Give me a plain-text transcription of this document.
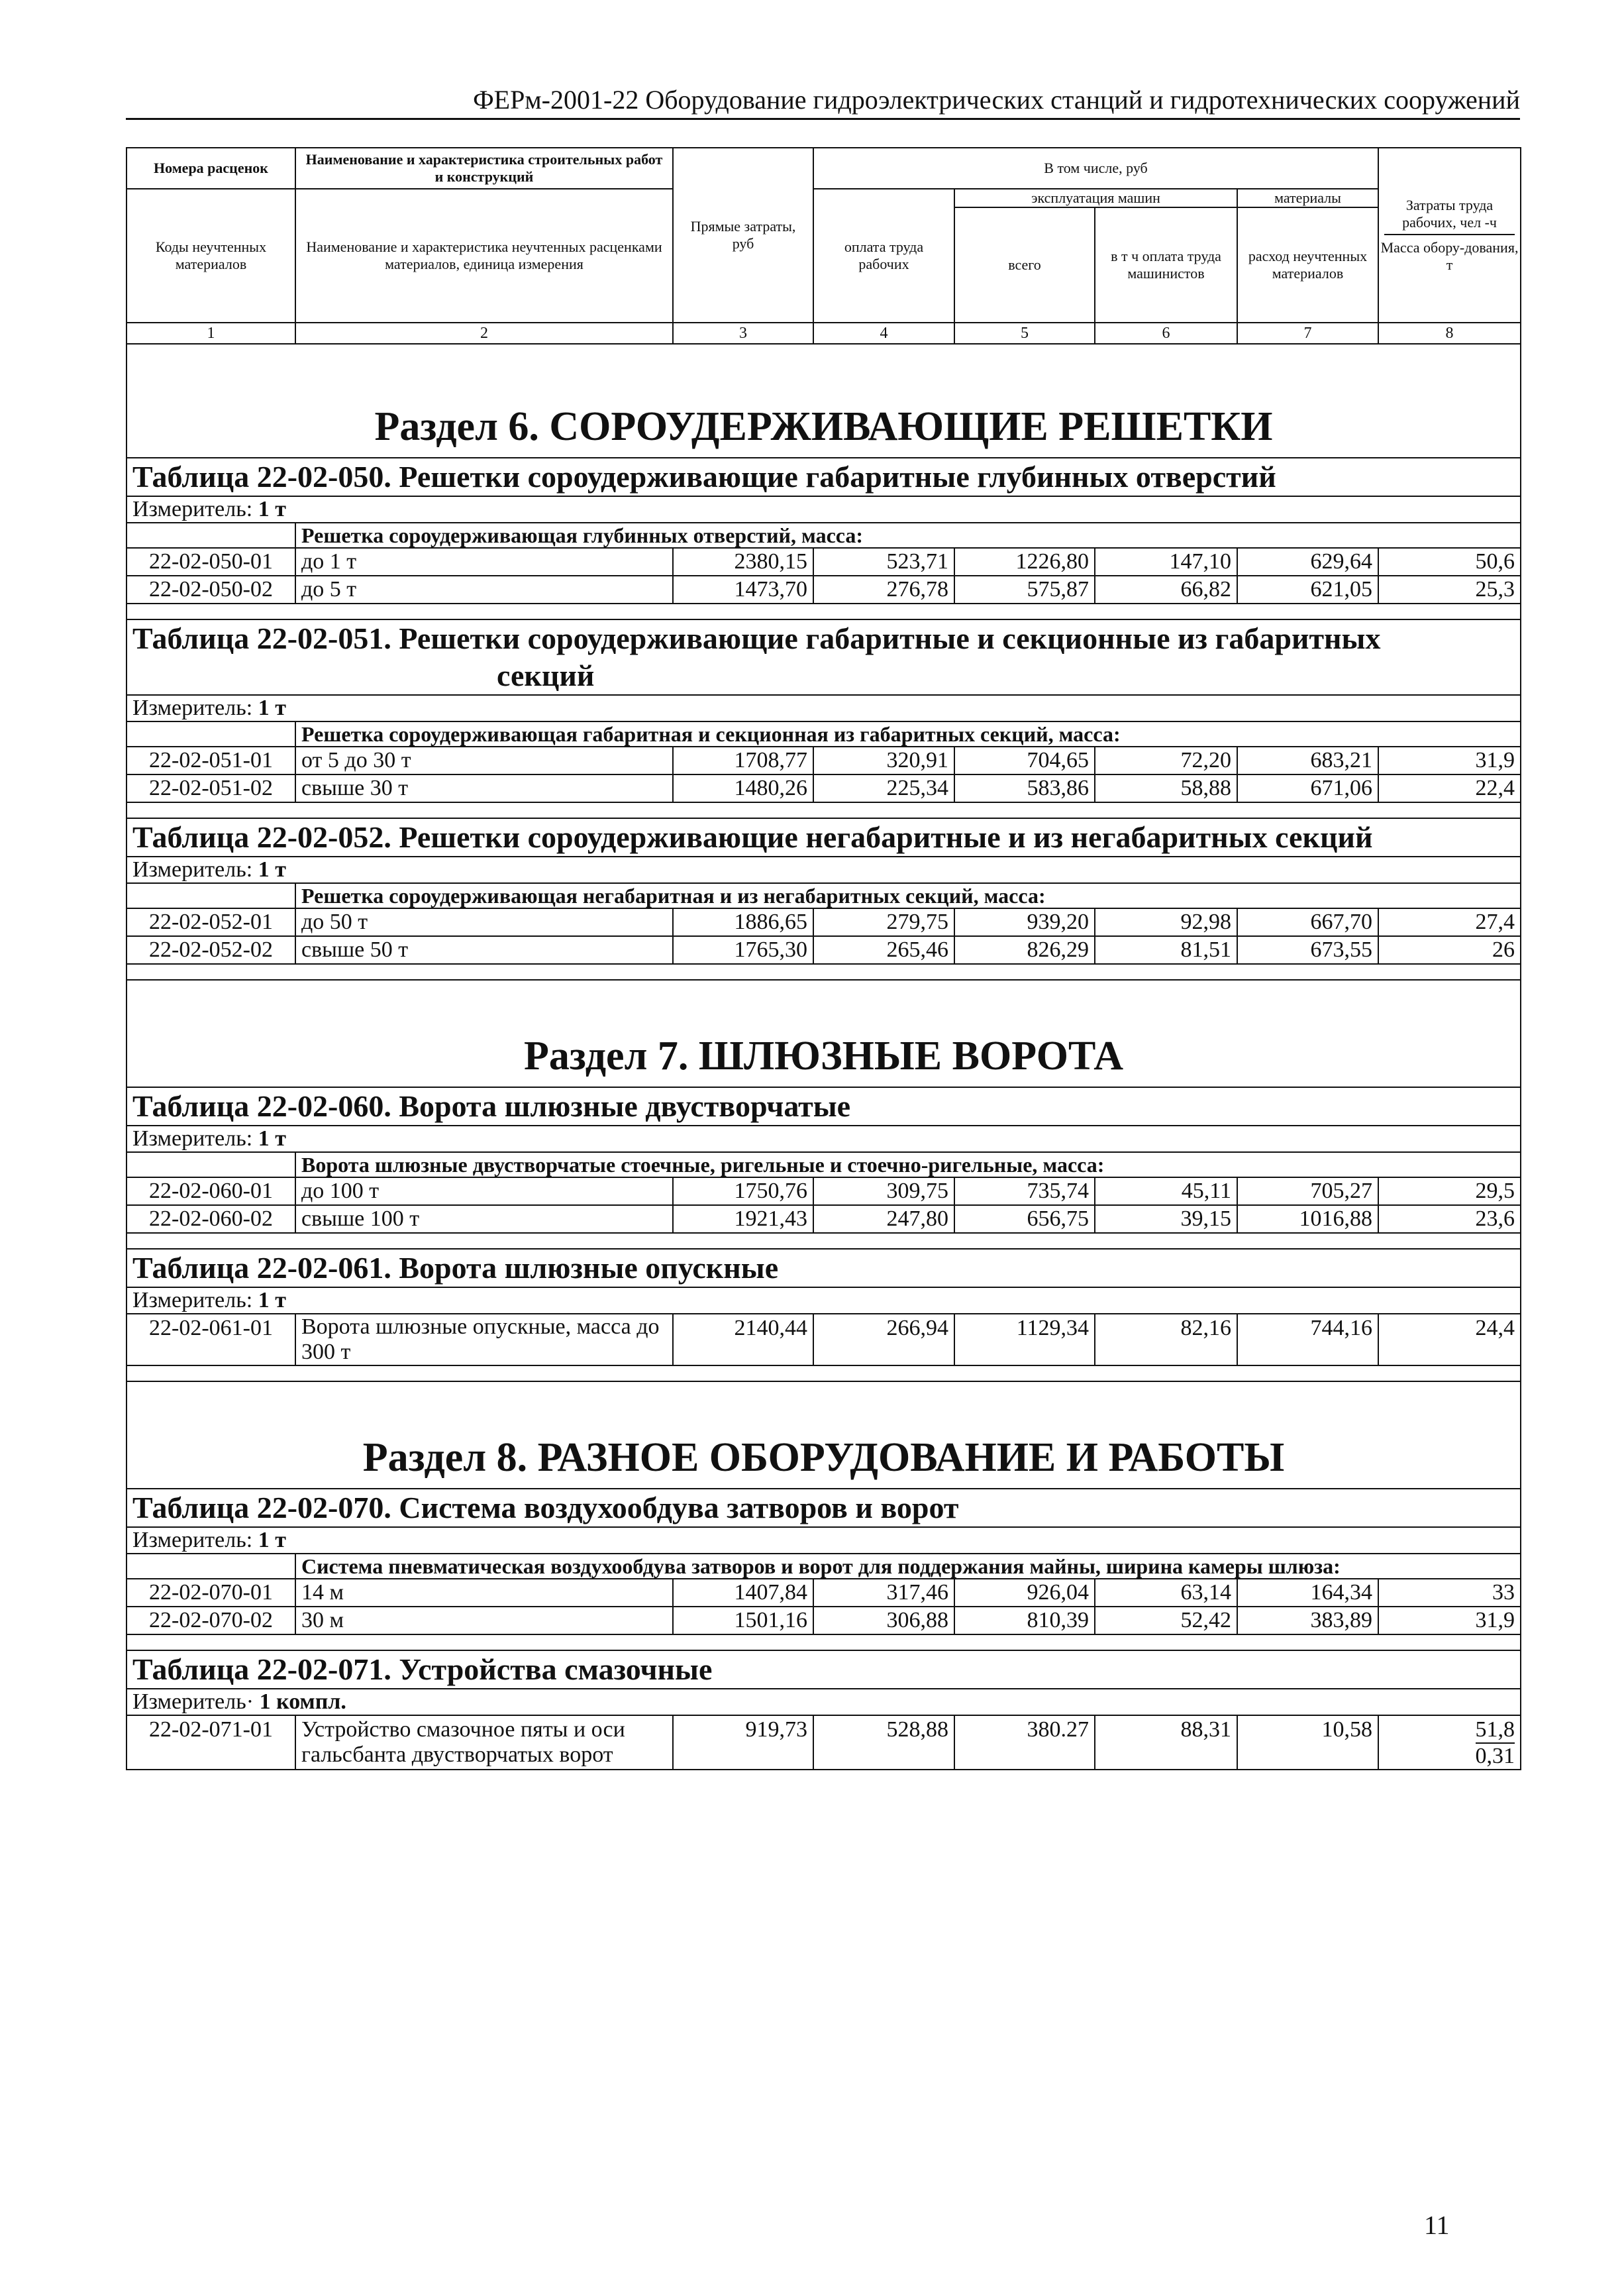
ФЕРм-2001-22 Оборудование гидроэлектрических станций и гидротехнических сооружений
Номера расценок	Наименование и характеристика строительных работ и конструкций	Прямые затраты, руб	В том числе, руб				Затраты труда рабочих, чел -ч
Масса обору-дования, т

Коды неучтенных материалов	Наименование и характеристика неучтенных расценками материалов, единица измерения		оплата труда рабочих	эксплуатация машин		материалы	
				всего	в т ч оплата труда машинистов	расход неучтенных материалов	
1	2	3	4	5	6	7	8
Раздел 6. СОРОУДЕРЖИВАЮЩИЕ РЕШЕТКИ							
Таблица 22-02-050. Решетки сороудерживающие габаритные глубинных отверстий							
Измеритель: 1 т							
	Решетка сороудерживающая глубинных отверстий, масса:						
22-02-050-01	до 1 т	2380,15	523,71	1226,80	147,10	629,64	50,6
22-02-050-02	до 5 т	1473,70	276,78	575,87	66,82	621,05	25,3

Таблица 22-02-051. Решетки сороудерживающие габаритные и секционные из габаритных
секций							

Измеритель: 1 т							
	Решетка сороудерживающая габаритная и секционная из габаритных секций, масса:						
22-02-051-01	от 5 до 30 т	1708,77	320,91	704,65	72,20	683,21	31,9
22-02-051-02	свыше 30 т	1480,26	225,34	583,86	58,88	671,06	22,4

Таблица 22-02-052. Решетки сороудерживающие негабаритные и из негабаритных секций							
Измеритель: 1 т							
	Решетка сороудерживающая негабаритная и из негабаритных секций, масса:						
22-02-052-01	до 50 т	1886,65	279,75	939,20	92,98	667,70	27,4
22-02-052-02	свыше 50 т	1765,30	265,46	826,29	81,51	673,55	26

Раздел 7. ШЛЮЗНЫЕ ВОРОТА							
Таблица 22-02-060. Ворота шлюзные двустворчатые							
Измеритель: 1 т							
	Ворота шлюзные двустворчатые стоечные, ригельные и стоечно-ригельные, масса:						
22-02-060-01	до 100 т	1750,76	309,75	735,74	45,11	705,27	29,5
22-02-060-02	свыше 100 т	1921,43	247,80	656,75	39,15	1016,88	23,6

Таблица 22-02-061. Ворота шлюзные опускные							
Измеритель: 1 т							
22-02-061-01	Ворота шлюзные опускные, масса до 300 т	2140,44	266,94	1129,34	82,16	744,16	24,4

Раздел 8. РАЗНОЕ ОБОРУДОВАНИЕ И РАБОТЫ							
Таблица 22-02-070. Система воздухообдува затворов и ворот							
Измеритель: 1 т							
	Система пневматическая воздухообдува затворов и ворот для поддержания майны, ширина камеры шлюза:						
22-02-070-01	14 м	1407,84	317,46	926,04	63,14	164,34	33
22-02-070-02	30 м	1501,16	306,88	810,39	52,42	383,89	31,9

Таблица 22-02-071. Устройства смазочные							
Измеритель· 1 компл.							
22-02-071-01	Устройство смазочное пяты и оси гальсбанта двустворчатых ворот	919,73	528,88	380.27	88,31	10,58	$\frac{51,8}{0,31}$
11
